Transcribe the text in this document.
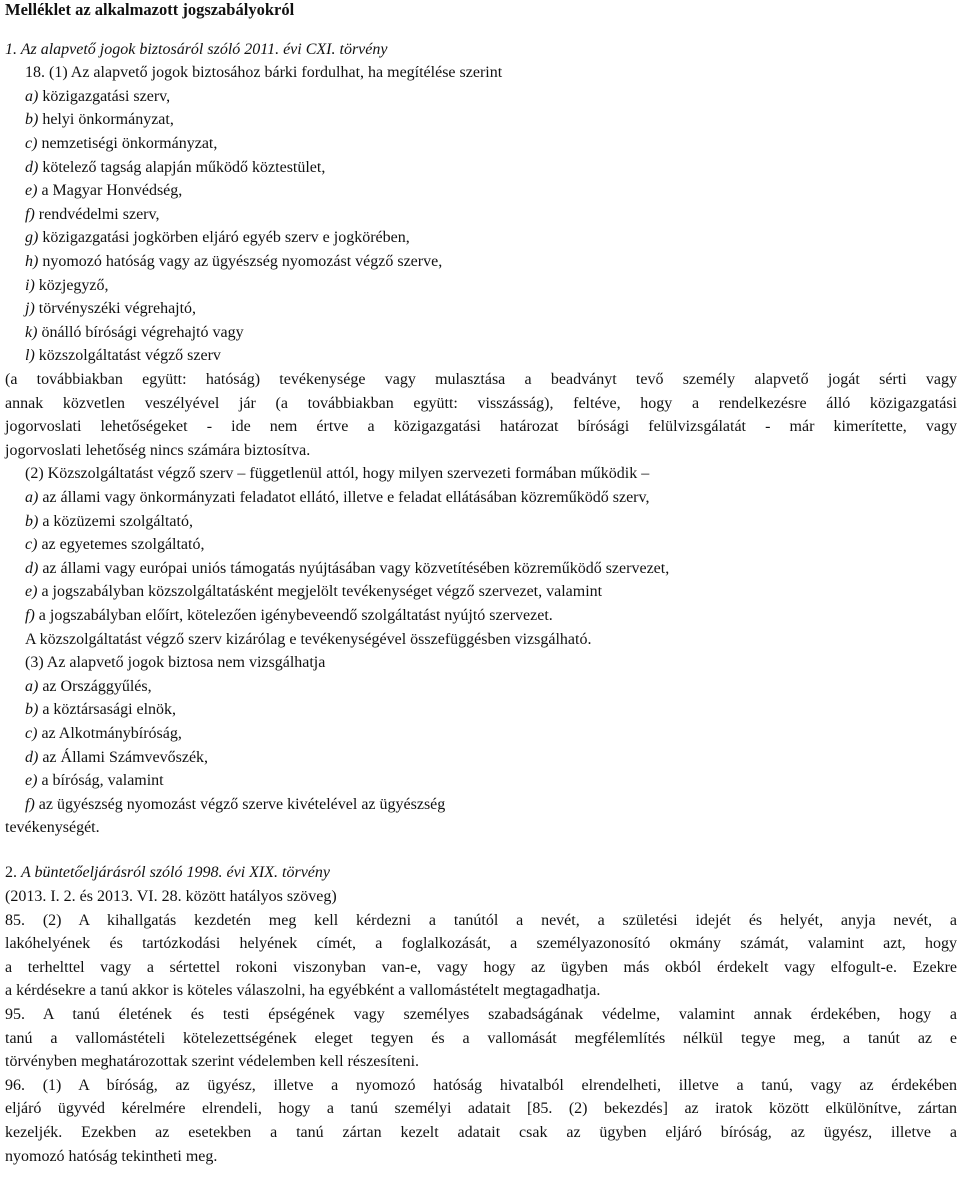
Melléklet az alkalmazott jogszabályokról
1. Az alapvető jogok biztosáról szóló 2011. évi CXI. törvény
18. (1) Az alapvető jogok biztosához bárki fordulhat, ha megítélése szerint
a) közigazgatási szerv,
b) helyi önkormányzat,
c) nemzetiségi önkormányzat,
d) kötelező tagság alapján működő köztestület,
e) a Magyar Honvédség,
f) rendvédelmi szerv,
g) közigazgatási jogkörben eljáró egyéb szerv e jogkörében,
h) nyomozó hatóság vagy az ügyészség nyomozást végző szerve,
i) közjegyző,
j) törvényszéki végrehajtó,
k) önálló bírósági végrehajtó vagy
l) közszolgáltatást végző szerv
(a továbbiakban együtt: hatóság) tevékenysége vagy mulasztása a beadványt tevő személy alapvető jogát sérti vagy
annak közvetlen veszélyével jár (a továbbiakban együtt: visszásság), feltéve, hogy a rendelkezésre álló közigazgatási
jogorvoslati lehetőségeket - ide nem értve a közigazgatási határozat bírósági felülvizsgálatát - már kimerítette, vagy
jogorvoslati lehetőség nincs számára biztosítva.
(2) Közszolgáltatást végző szerv – függetlenül attól, hogy milyen szervezeti formában működik –
a) az állami vagy önkormányzati feladatot ellátó, illetve e feladat ellátásában közreműködő szerv,
b) a közüzemi szolgáltató,
c) az egyetemes szolgáltató,
d) az állami vagy európai uniós támogatás nyújtásában vagy közvetítésében közreműködő szervezet,
e) a jogszabályban közszolgáltatásként megjelölt tevékenységet végző szervezet, valamint
f) a jogszabályban előírt, kötelezően igénybeveendő szolgáltatást nyújtó szervezet.
A közszolgáltatást végző szerv kizárólag e tevékenységével összefüggésben vizsgálható.
(3) Az alapvető jogok biztosa nem vizsgálhatja
a) az Országgyűlés,
b) a köztársasági elnök,
c) az Alkotmánybíróság,
d) az Állami Számvevőszék,
e) a bíróság, valamint
f) az ügyészség nyomozást végző szerve kivételével az ügyészség
tevékenységét.
2. A büntetőeljárásról szóló 1998. évi XIX. törvény
(2013. I. 2. és 2013. VI. 28. között hatályos szöveg)
85. (2) A kihallgatás kezdetén meg kell kérdezni a tanútól a nevét, a születési idejét és helyét, anyja nevét, a
lakóhelyének és tartózkodási helyének címét, a foglalkozását, a személyazonosító okmány számát, valamint azt, hogy
a terhelttel vagy a sértettel rokoni viszonyban van-e, vagy hogy az ügyben más okból érdekelt vagy elfogult-e. Ezekre
a kérdésekre a tanú akkor is köteles válaszolni, ha egyébként a vallomástételt megtagadhatja.
95. A tanú életének és testi épségének vagy személyes szabadságának védelme, valamint annak érdekében, hogy a
tanú a vallomástételi kötelezettségének eleget tegyen és a vallomását megfélemlítés nélkül tegye meg, a tanút az e
törvényben meghatározottak szerint védelemben kell részesíteni.
96. (1) A bíróság, az ügyész, illetve a nyomozó hatóság hivatalból elrendelheti, illetve a tanú, vagy az érdekében
eljáró ügyvéd kérelmére elrendeli, hogy a tanú személyi adatait [85. (2) bekezdés] az iratok között elkülönítve, zártan
kezeljék. Ezekben az esetekben a tanú zártan kezelt adatait csak az ügyben eljáró bíróság, az ügyész, illetve a
nyomozó hatóság tekintheti meg.
